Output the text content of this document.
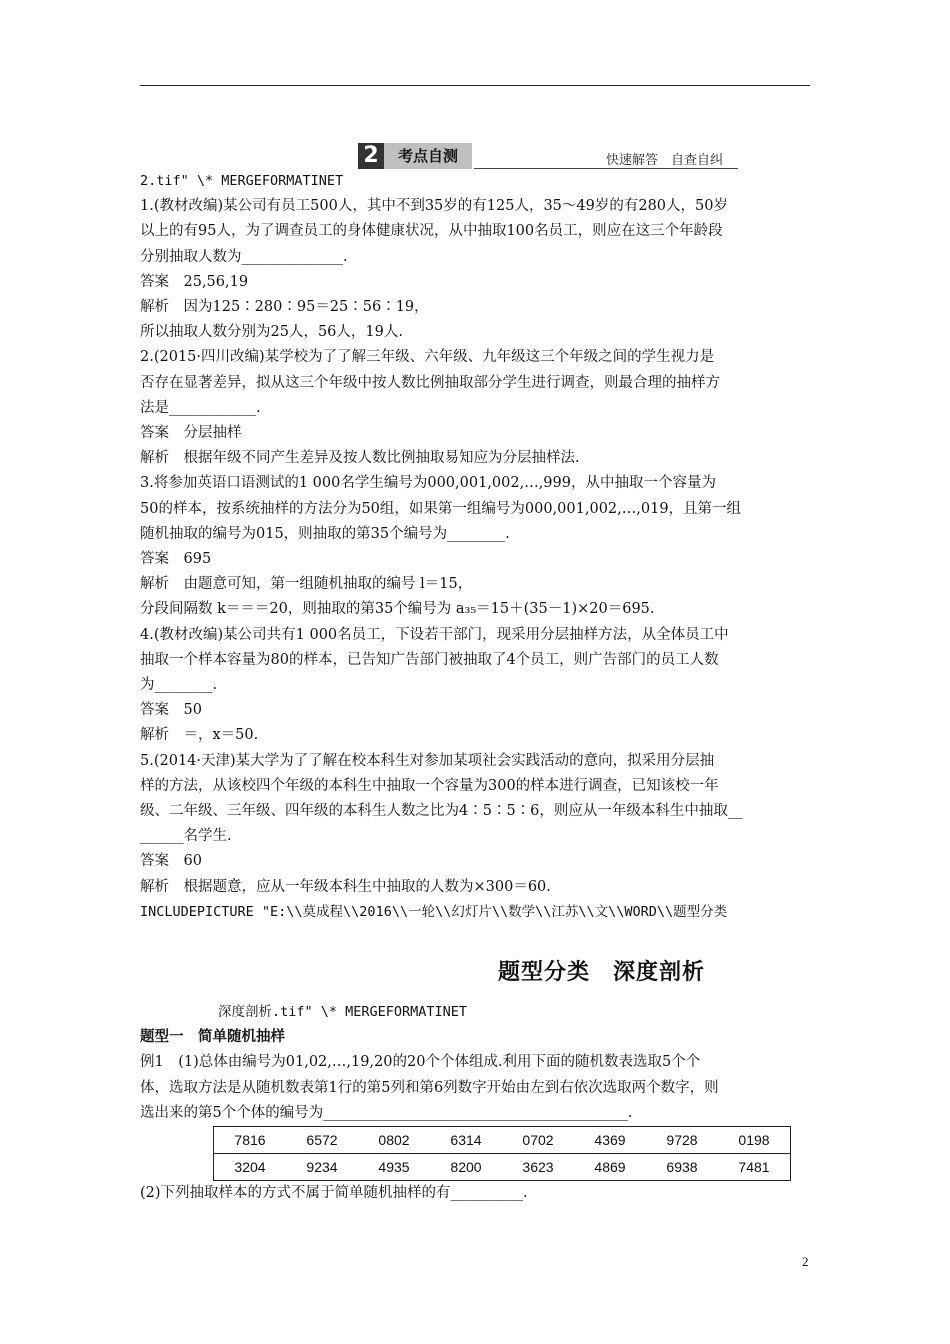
2	考点自测	快速解答　自查自纠

2.tif" \* MERGEFORMATINET

1.(教材改编)某公司有员工500人，其中不到35岁的有125人，35～49岁的有280人，50岁

以上的有95人，为了调查员工的身体健康状况，从中抽取100名员工，则应在这三个年龄段

分别抽取人数为______________.

答案　25,56,19

解析　因为125∶280∶95＝25∶56∶19，

所以抽取人数分别为25人，56人，19人.

2.(2015·四川改编)某学校为了了解三年级、六年级、九年级这三个年级之间的学生视力是

否存在显著差异，拟从这三个年级中按人数比例抽取部分学生进行调查，则最合理的抽样方

法是____________.

答案　分层抽样

解析　根据年级不同产生差异及按人数比例抽取易知应为分层抽样法.

3.将参加英语口语测试的1 000名学生编号为000,001,002,…,999，从中抽取一个容量为

50的样本，按系统抽样的方法分为50组，如果第一组编号为000,001,002,…,019，且第一组

随机抽取的编号为015，则抽取的第35个编号为________.

答案　695

解析　由题意可知，第一组随机抽取的编号 l＝15，

分段间隔数 k＝＝＝20，则抽取的第35个编号为 a₃₅＝15＋(35－1)×20＝695.

4.(教材改编)某公司共有1 000名员工，下设若干部门，现采用分层抽样方法，从全体员工中

抽取一个样本容量为80的样本，已告知广告部门被抽取了4个员工，则广告部门的员工人数

为________.

答案　50

解析　＝，x＝50.

5.(2014·天津)某大学为了了解在校本科生对参加某项社会实践活动的意向，拟采用分层抽

样的方法，从该校四个年级的本科生中抽取一个容量为300的样本进行调查，已知该校一年

级、二年级、三年级、四年级的本科生人数之比为4∶5∶5∶6，则应从一年级本科生中抽取__

______名学生.

答案　60

解析　根据题意，应从一年级本科生中抽取的人数为×300＝60.

INCLUDEPICTURE "E:\\莫成程\\2016\\一轮\\幻灯片\\数学\\江苏\\文\\WORD\\题型分类

题型分类　深度剖析

深度剖析.tif" \* MERGEFORMATINET

题型一　简单随机抽样

例1　(1)总体由编号为01,02,…,19,20的20个个体组成.利用下面的随机数表选取5个个

体，选取方法是从随机数表第1行的第5列和第6列数字开始由左到右依次选取两个数字，则

选出来的第5个个体的编号为__________________________________________.

7816	6572	0802	6314	0702	4369	9728	0198
3204	9234	4935	8200	3623	4869	6938	7481
(2)下列抽取样本的方式不属于简单随机抽样的有__________.
2
